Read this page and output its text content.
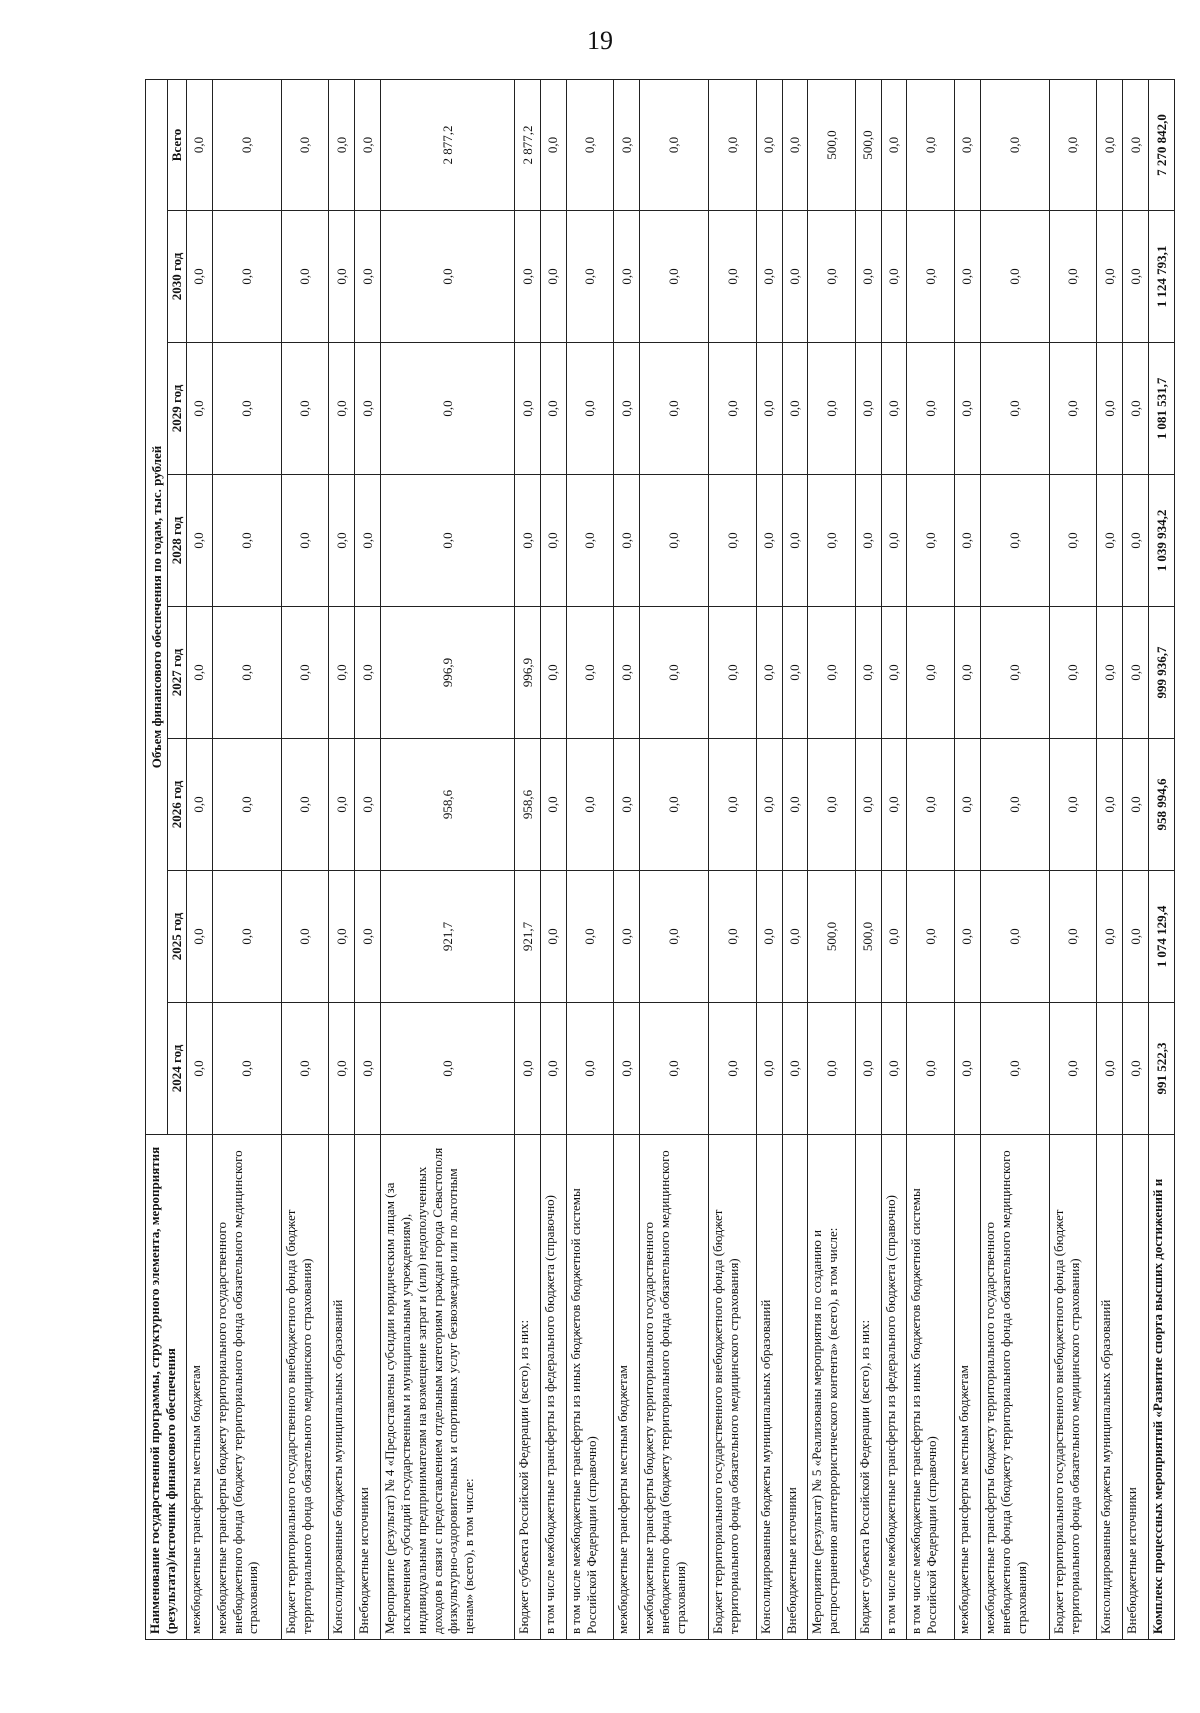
19
Наименование государственной программы, структурного элемента, мероприятия (результата)/источник финансового обеспечения	Объем финансового обеспечения по годам, тыс. рублей							
	2024 год	2025 год	2026 год	2027 год	2028 год	2029 год	2030 год	Всего
межбюджетные трансферты местным бюджетам	0,0	0,0	0,0	0,0	0,0	0,0	0,0	0,0
межбюджетные трансферты бюджету территориального государственного внебюджетного фонда (бюджету территориального фонда обязательного медицинского страхования)	0,0	0,0	0,0	0,0	0,0	0,0	0,0	0,0
Бюджет территориального государственного внебюджетного фонда (бюджет территориального фонда обязательного медицинского страхования)	0,0	0,0	0,0	0,0	0,0	0,0	0,0	0,0
Консолидированные бюджеты муниципальных образований	0,0	0,0	0,0	0,0	0,0	0,0	0,0	0,0
Внебюджетные источники	0,0	0,0	0,0	0,0	0,0	0,0	0,0	0,0
Мероприятие (результат) № 4 «Предоставлены субсидии юридическим лицам (за исключением субсидий государственным и муниципальным учреждениям), индивидуальным предпринимателям на возмещение затрат и (или) недополученных доходов в связи с предоставлением отдельным категориям граждан города Севастополя физкультурно-оздоровительных и спортивных услуг безвозмездно или по льготным ценам» (всего), в том числе:	0,0	921,7	958,6	996,9	0,0	0,0	0,0	2 877,2
Бюджет субъекта Российской Федерации (всего), из них:	0,0	921,7	958,6	996,9	0,0	0,0	0,0	2 877,2
в том числе межбюджетные трансферты из федерального бюджета (справочно)	0,0	0,0	0,0	0,0	0,0	0,0	0,0	0,0
в том числе межбюджетные трансферты из иных бюджетов бюджетной системы Российской Федерации (справочно)	0,0	0,0	0,0	0,0	0,0	0,0	0,0	0,0
межбюджетные трансферты местным бюджетам	0,0	0,0	0,0	0,0	0,0	0,0	0,0	0,0
межбюджетные трансферты бюджету территориального государственного внебюджетного фонда (бюджету территориального фонда обязательного медицинского страхования)	0,0	0,0	0,0	0,0	0,0	0,0	0,0	0,0
Бюджет территориального государственного внебюджетного фонда (бюджет территориального фонда обязательного медицинского страхования)	0,0	0,0	0,0	0,0	0,0	0,0	0,0	0,0
Консолидированные бюджеты муниципальных образований	0,0	0,0	0,0	0,0	0,0	0,0	0,0	0,0
Внебюджетные источники	0,0	0,0	0,0	0,0	0,0	0,0	0,0	0,0
Мероприятие (результат) № 5 «Реализованы мероприятия по созданию и распространению антитеррористического контента» (всего), в том числе:	0,0	500,0	0,0	0,0	0,0	0,0	0,0	500,0
Бюджет субъекта Российской Федерации (всего), из них:	0,0	500,0	0,0	0,0	0,0	0,0	0,0	500,0
в том числе межбюджетные трансферты из федерального бюджета (справочно)	0,0	0,0	0,0	0,0	0,0	0,0	0,0	0,0
в том числе межбюджетные трансферты из иных бюджетов бюджетной системы Российской Федерации (справочно)	0,0	0,0	0,0	0,0	0,0	0,0	0,0	0,0
межбюджетные трансферты местным бюджетам	0,0	0,0	0,0	0,0	0,0	0,0	0,0	0,0
межбюджетные трансферты бюджету территориального государственного внебюджетного фонда (бюджету территориального фонда обязательного медицинского страхования)	0,0	0,0	0,0	0,0	0,0	0,0	0,0	0,0
Бюджет территориального государственного внебюджетного фонда (бюджет территориального фонда обязательного медицинского страхования)	0,0	0,0	0,0	0,0	0,0	0,0	0,0	0,0
Консолидированные бюджеты муниципальных образований	0,0	0,0	0,0	0,0	0,0	0,0	0,0	0,0
Внебюджетные источники	0,0	0,0	0,0	0,0	0,0	0,0	0,0	0,0
Комплекс процессных мероприятий «Развитие спорта высших достижений и	991 522,3	1 074 129,4	958 994,6	999 936,7	1 039 934,2	1 081 531,7	1 124 793,1	7 270 842,0
